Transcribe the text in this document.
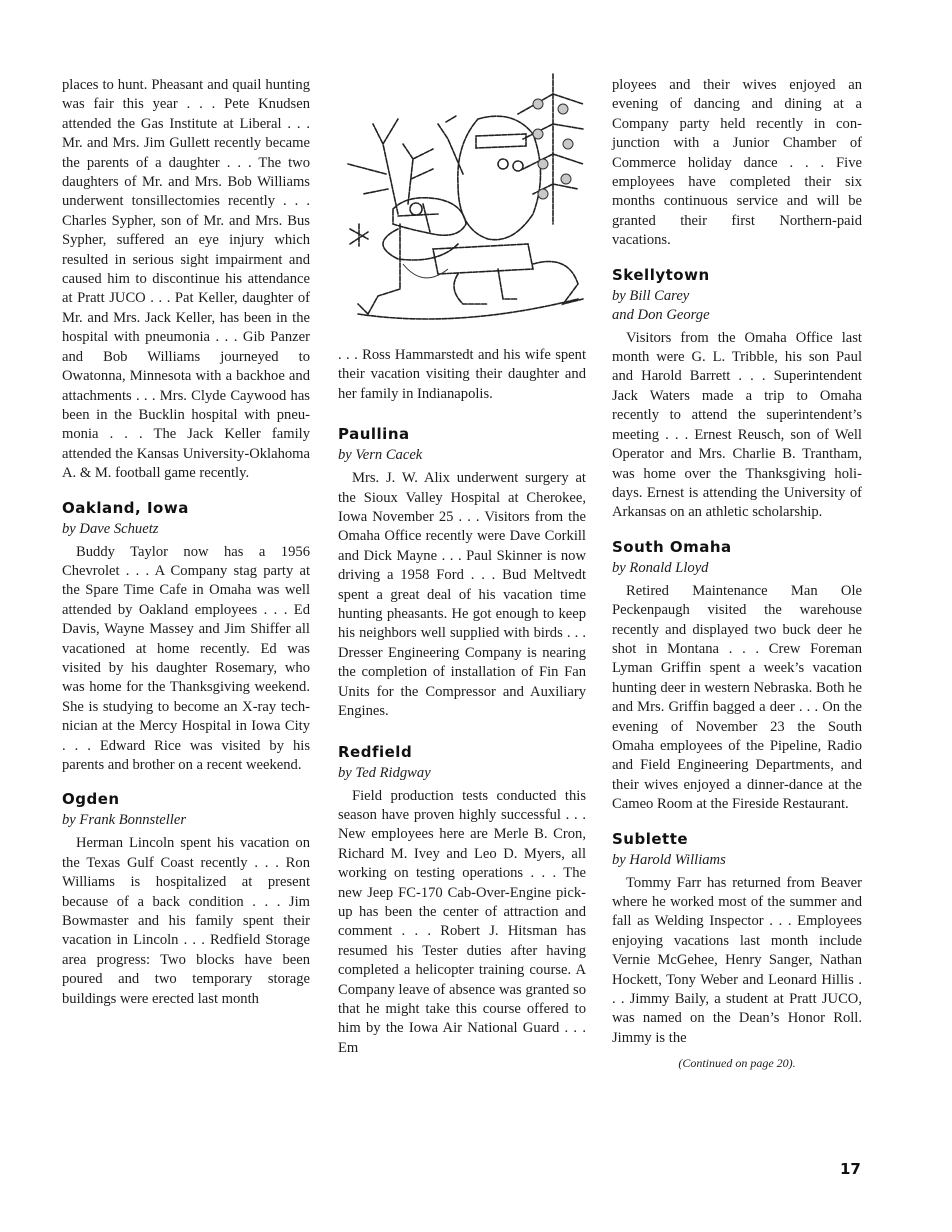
places to hunt. Pheasant and quail hunting was fair this year . . . Pete Knudsen attended the Gas Institute at Liberal . . . Mr. and Mrs. Jim Gullett recently became the parents of a daughter . . . The two daughters of Mr. and Mrs. Bob Williams underwent tonsillectomies recently . . . Charles Sypher, son of Mr. and Mrs. Bus Sypher, suffered an eye injury which resulted in serious sight impairment and caused him to discontinue his attendance at Pratt JUCO . . . Pat Keller, daughter of Mr. and Mrs. Jack Keller, has been in the hospital with pneumonia . . . Gib Panzer and Bob Williams journeyed to Owatonna, Minnesota with a backhoe and attachments . . . Mrs. Clyde Caywood has been in the Bucklin hospital with pneumonia . . . The Jack Keller family attended the Kansas University-Oklahoma A. & M. football game recently.

Oakland, Iowa
by Dave Schuetz

Buddy Taylor now has a 1956 Chevrolet . . . A Company stag party at the Spare Time Cafe in Omaha was well attended by Oakland employees . . . Ed Davis, Wayne Massey and Jim Shiffer all vacationed at home recently. Ed was visited by his daughter Rosemary, who was home for the Thanksgiving weekend. She is studying to become an X-ray technician at the Mercy Hospital in Iowa City . . . Edward Rice was visited by his parents and brother on a recent weekend.

Ogden
by Frank Bonnsteller

Herman Lincoln spent his vacation on the Texas Gulf Coast recently . . . Ron Williams is hospitalized at present because of a back condition . . . Jim Bowmaster and his family spent their vacation in Lincoln . . . Redfield Storage area progress: Two blocks have been poured and two temporary storage buildings were erected last month

. . . Ross Hammarstedt and his wife spent their vacation visiting their daughter and her family in Indianapolis.

Paullina
by Vern Cacek

Mrs. J. W. Alix underwent surgery at the Sioux Valley Hospital at Cherokee, Iowa November 25 . . . Visitors from the Omaha Office recently were Dave Corkill and Dick Mayne . . . Paul Skinner is now driving a 1958 Ford . . . Bud Meltvedt spent a great deal of his vacation time hunting pheasants. He got enough to keep his neighbors well supplied with birds . . . Dresser Engineering Company is nearing the completion of installation of Fin Fan Units for the Compressor and Auxiliary Engines.

Redfield
by Ted Ridgway

Field production tests conducted this season have proven highly successful . . . New employees here are Merle B. Cron, Richard M. Ivey and Leo D. Myers, all working on testing operations . . . The new Jeep FC-170 Cab-Over-Engine pick-up has been the center of attraction and comment . . . Robert J. Hitsman has resumed his Tester duties after having completed a helicopter training course. A Company leave of absence was granted so that he might take this course offered to him by the Iowa Air National Guard . . . Em

ployees and their wives enjoyed an evening of dancing and dining at a Company party held recently in conjunction with a Junior Chamber of Commerce holiday dance . . . Five employees have completed their six months continuous service and will be granted their first Northern-paid vacations.

Skellytown
by Bill Carey
and Don George

Visitors from the Omaha Office last month were G. L. Tribble, his son Paul and Harold Barrett . . . Superintendent Jack Waters made a trip to Omaha recently to attend the superintendent’s meeting . . . Ernest Reusch, son of Well Operator and Mrs. Charlie B. Trantham, was home over the Thanksgiving holidays. Ernest is attending the University of Arkansas on an athletic scholarship.

South Omaha
by Ronald Lloyd

Retired Maintenance Man Ole Peckenpaugh visited the warehouse recently and displayed two buck deer he shot in Montana . . . Crew Foreman Lyman Griffin spent a week’s vacation hunting deer in western Nebraska. Both he and Mrs. Griffin bagged a deer . . . On the evening of November 23 the South Omaha employees of the Pipeline, Radio and Field Engineering Departments, and their wives enjoyed a dinner-dance at the Cameo Room at the Fireside Restaurant.

Sublette
by Harold Williams

Tommy Farr has returned from Beaver where he worked most of the summer and fall as Welding Inspector . . . Employees enjoying vacations last month include Vernie McGehee, Henry Sanger, Nathan Hockett, Tony Weber and Leonard Hillis . . . Jimmy Baily, a student at Pratt JUCO, was named on the Dean’s Honor Roll. Jimmy is the

(Continued on page 20).
17
